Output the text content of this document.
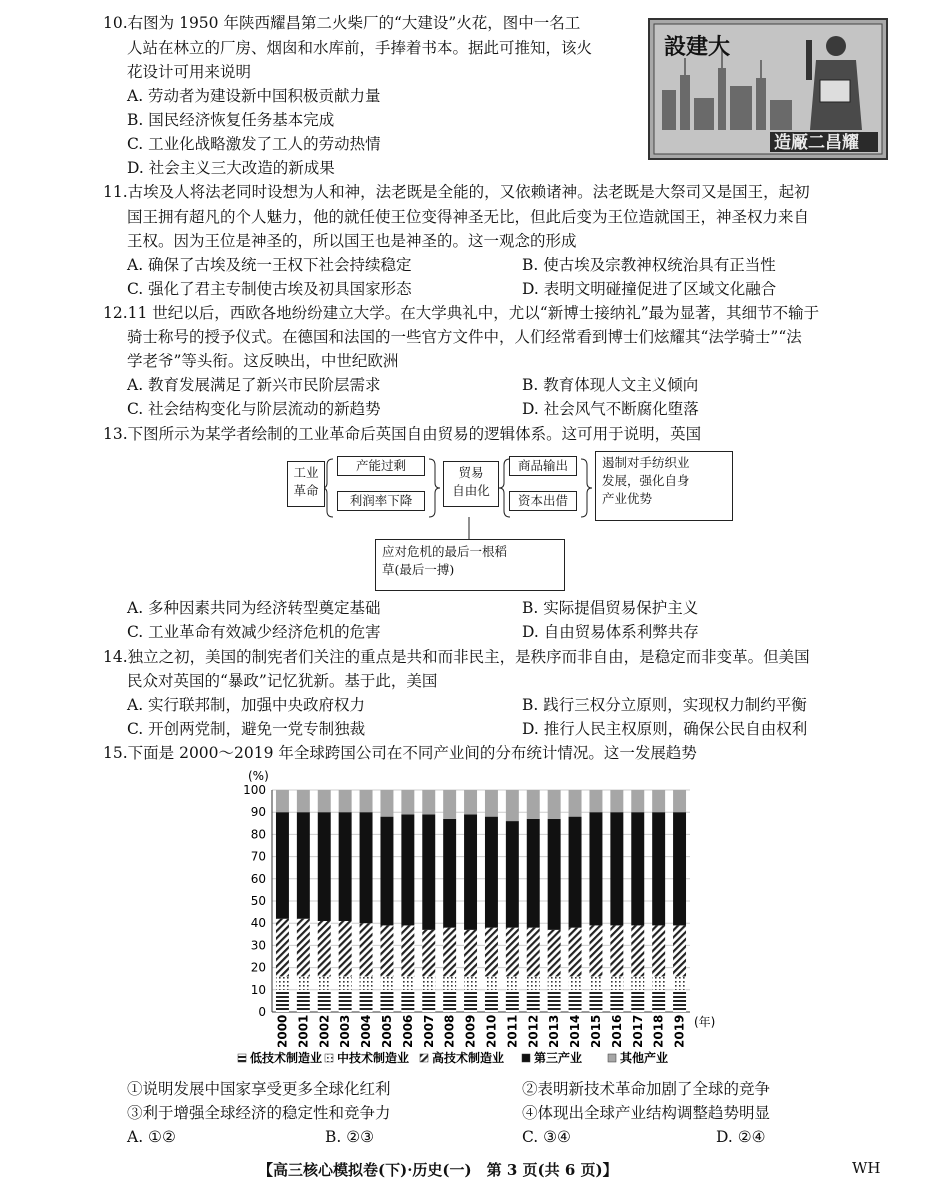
10.右图为 1950 年陕西耀昌第二火柴厂的“大建设”火花，图中一名工
人站在林立的厂房、烟囱和水库前，手捧着书本。据此可推知，该火
花设计可用来说明
A. 劳动者为建设新中国积极贡献力量
B. 国民经济恢复任务基本完成
C. 工业化战略激发了工人的劳动热情
D. 社会主义三大改造的新成果
設建大
造厰二昌耀
11.古埃及人将法老同时设想为人和神，法老既是全能的，又依赖诸神。法老既是大祭司又是国王，起初
国王拥有超凡的个人魅力，他的就任使王位变得神圣无比，但此后变为王位造就国王，神圣权力来自
王权。因为王位是神圣的，所以国王也是神圣的。这一观念的形成
A. 确保了古埃及统一王权下社会持续稳定	B. 使古埃及宗教神权统治具有正当性
C. 强化了君主专制使古埃及初具国家形态	D. 表明文明碰撞促进了区域文化融合
12.11 世纪以后，西欧各地纷纷建立大学。在大学典礼中，尤以“新博士接纳礼”最为显著，其细节不输于
骑士称号的授予仪式。在德国和法国的一些官方文件中，人们经常看到博士们炫耀其“法学骑士”“法
学老爷”等头衔。这反映出，中世纪欧洲
A. 教育发展满足了新兴市民阶层需求	B. 教育体现人文主义倾向
C. 社会结构变化与阶层流动的新趋势	D. 社会风气不断腐化堕落
13.下图所示为某学者绘制的工业革命后英国自由贸易的逻辑体系。这可用于说明，英国
工业
革命
产能过剩
利润率下降
贸易
自由化
商品输出
资本出借
遏制对手纺织业
发展，强化自身
产业优势
应对危机的最后一根稻
草(最后一搏)
A. 多种因素共同为经济转型奠定基础	B. 实际提倡贸易保护主义
C. 工业革命有效减少经济危机的危害	D. 自由贸易体系利弊共存
14.独立之初，美国的制宪者们关注的重点是共和而非民主，是秩序而非自由，是稳定而非变革。但美国
民众对英国的“暴政”记忆犹新。基于此，美国
A. 实行联邦制，加强中央政府权力	B. 践行三权分立原则，实现权力制约平衡
C. 开创两党制，避免一党专制独裁	D. 推行人民主权原则，确保公民自由权利
15.下面是 2000～2019 年全球跨国公司在不同产业间的分布统计情况。这一发展趋势
(%)
0
10
20
30
40
50
60
70
80
90
100
2000 2001 2002 2003 2004 2005 2006 2007 2008 2009 2010 2011 2012 2013 2014 2015 2016 2017 2018 2019 (年)
低技术制造业 中技术制造业 高技术制造业 第三产业	其他产业
①说明发展中国家享受更多全球化红利	②表明新技术革命加剧了全球的竞争
③利于增强全球经济的稳定性和竞争力	④体现出全球产业结构调整趋势明显
A. ①②	B. ②③	C. ③④	D. ②④
【高三核心模拟卷(下)·历史(一)　第 3 页(共 6 页)】	WH
